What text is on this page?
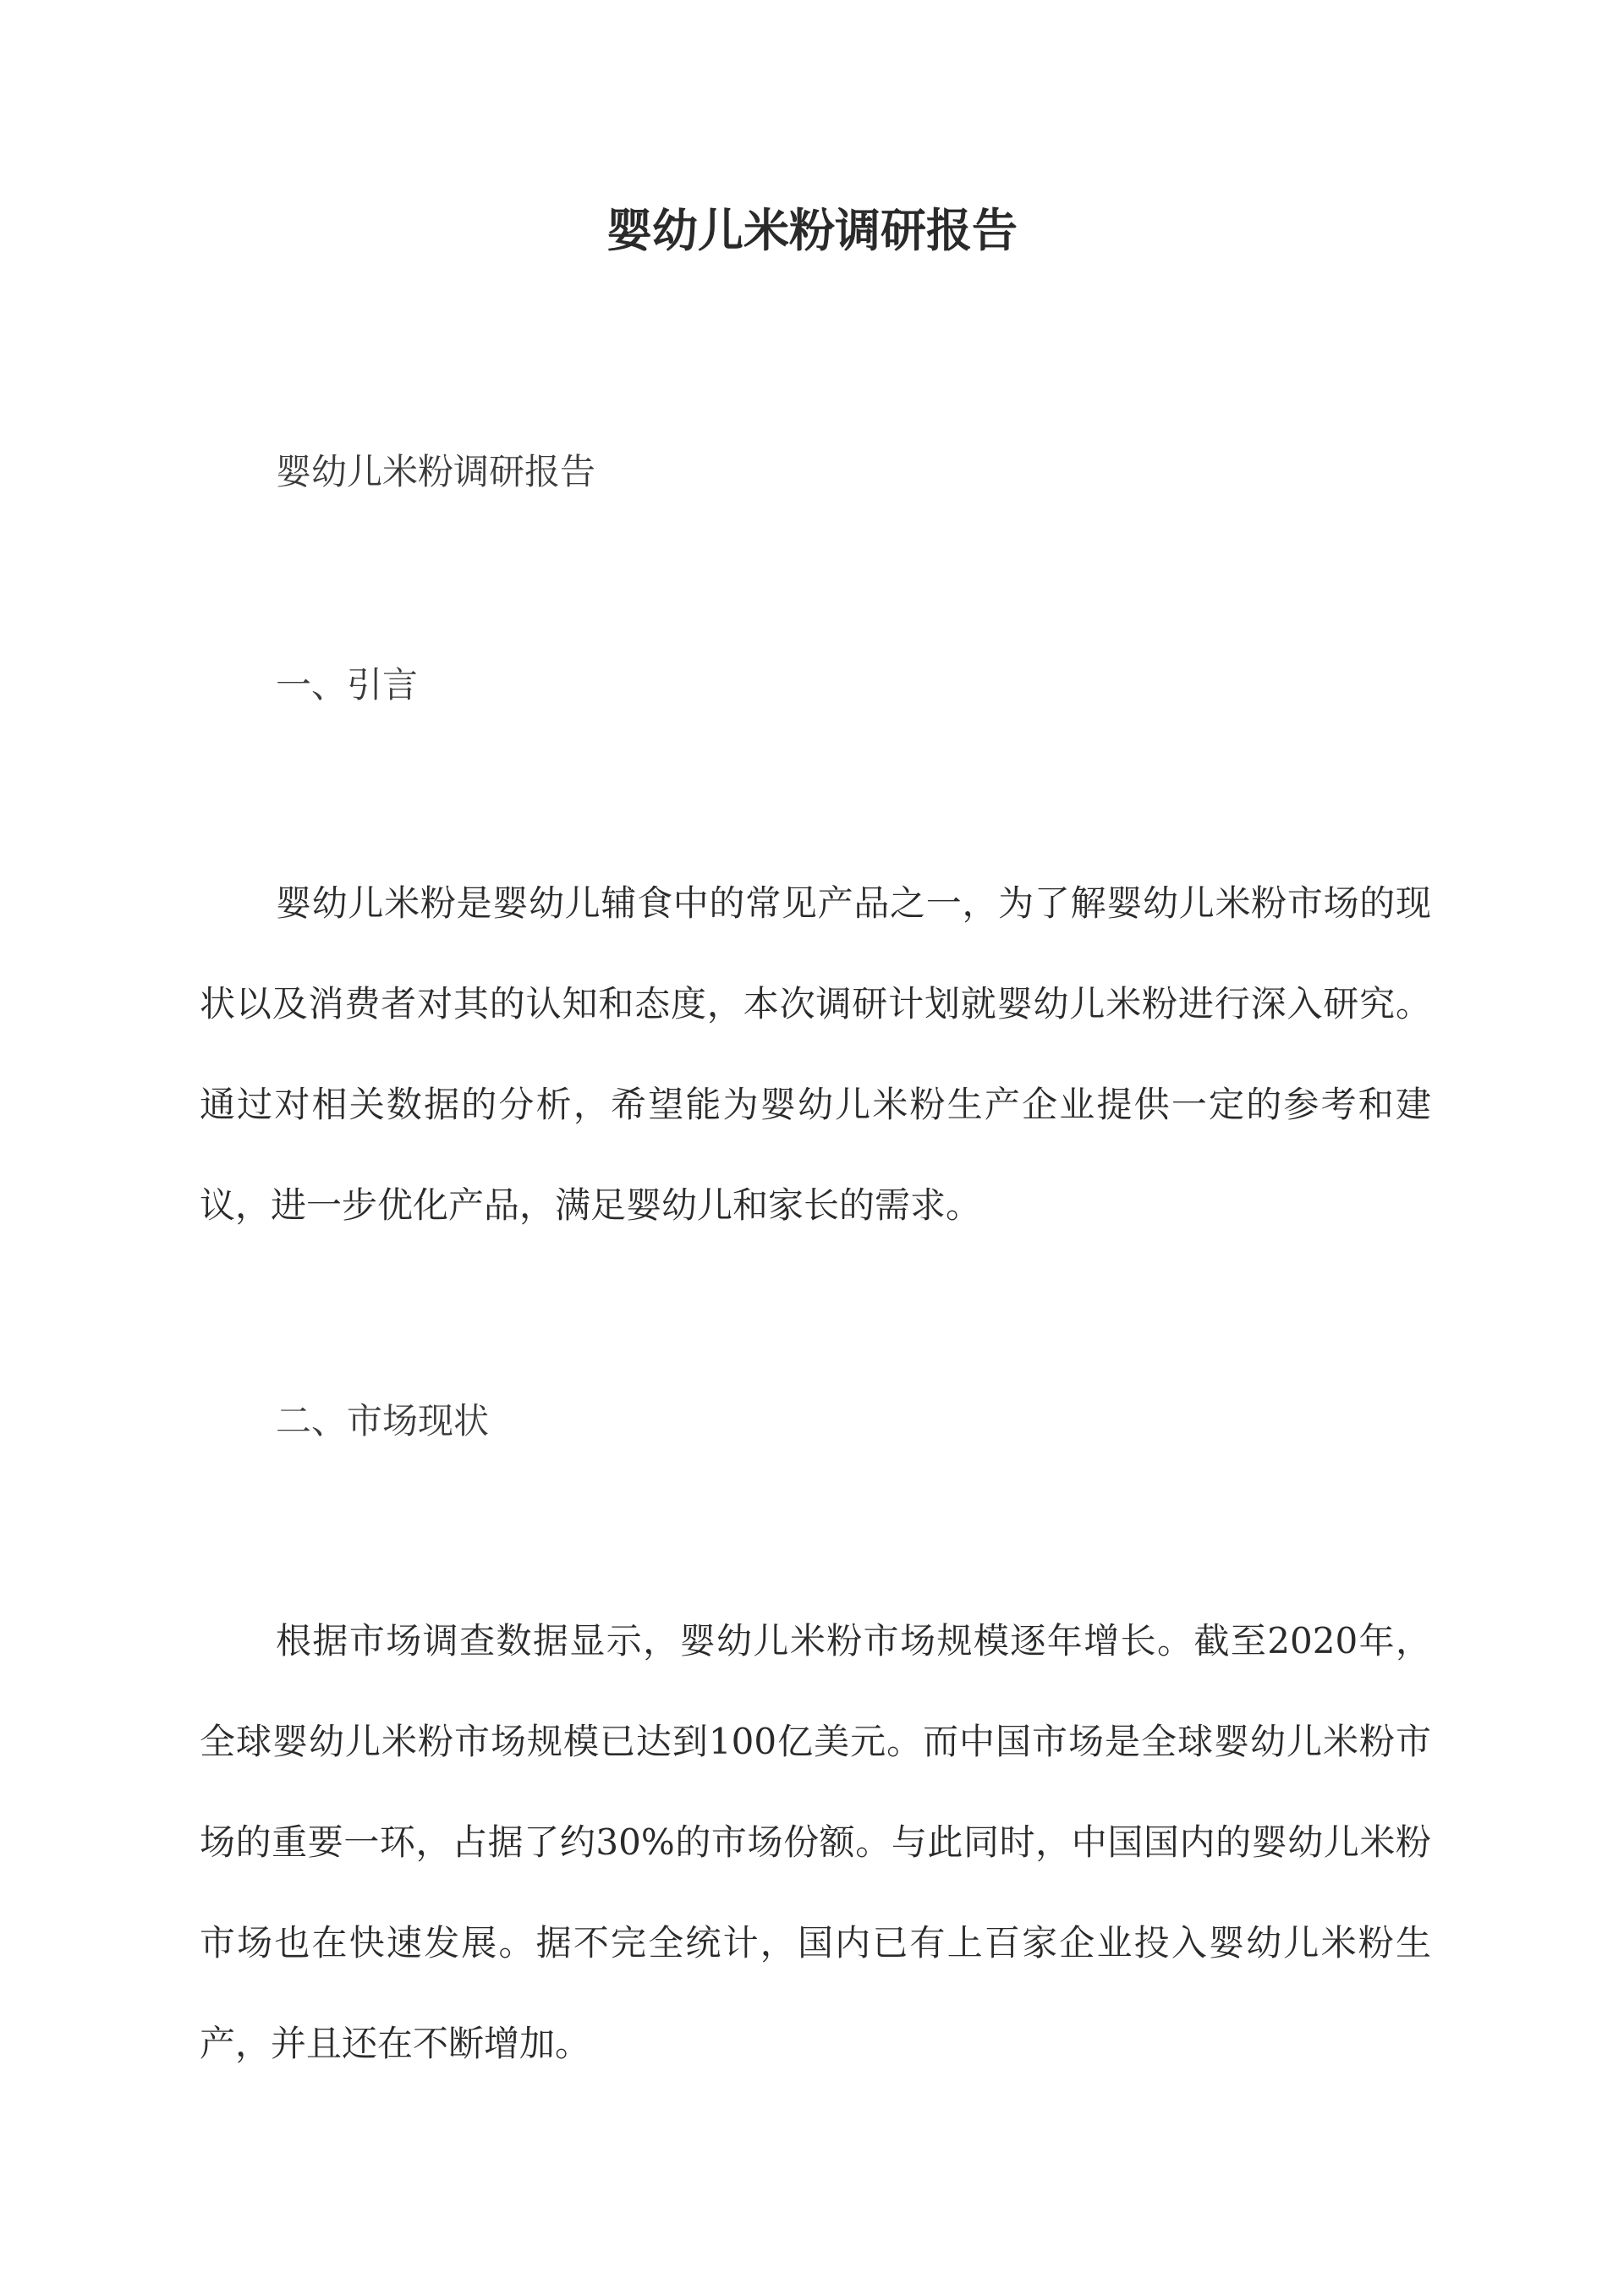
婴幼儿米粉调研报告
婴幼儿米粉调研报告
一、引言

婴幼儿米粉是婴幼儿辅食中的常见产品之一，为了解婴幼儿米粉市场的现状以及消费者对其的认知和态度，本次调研计划就婴幼儿米粉进行深入研究。通过对相关数据的分析，希望能为婴幼儿米粉生产企业提供一定的参考和建议，进一步优化产品，满足婴幼儿和家长的需求。

二、市场现状

根据市场调查数据显示，婴幼儿米粉市场规模逐年增长。截至2020年，全球婴幼儿米粉市场规模已达到100亿美元。而中国市场是全球婴幼儿米粉市场的重要一环，占据了约30%的市场份额。与此同时，中国国内的婴幼儿米粉市场也在快速发展。据不完全统计，国内已有上百家企业投入婴幼儿米粉生产，并且还在不断增加。
